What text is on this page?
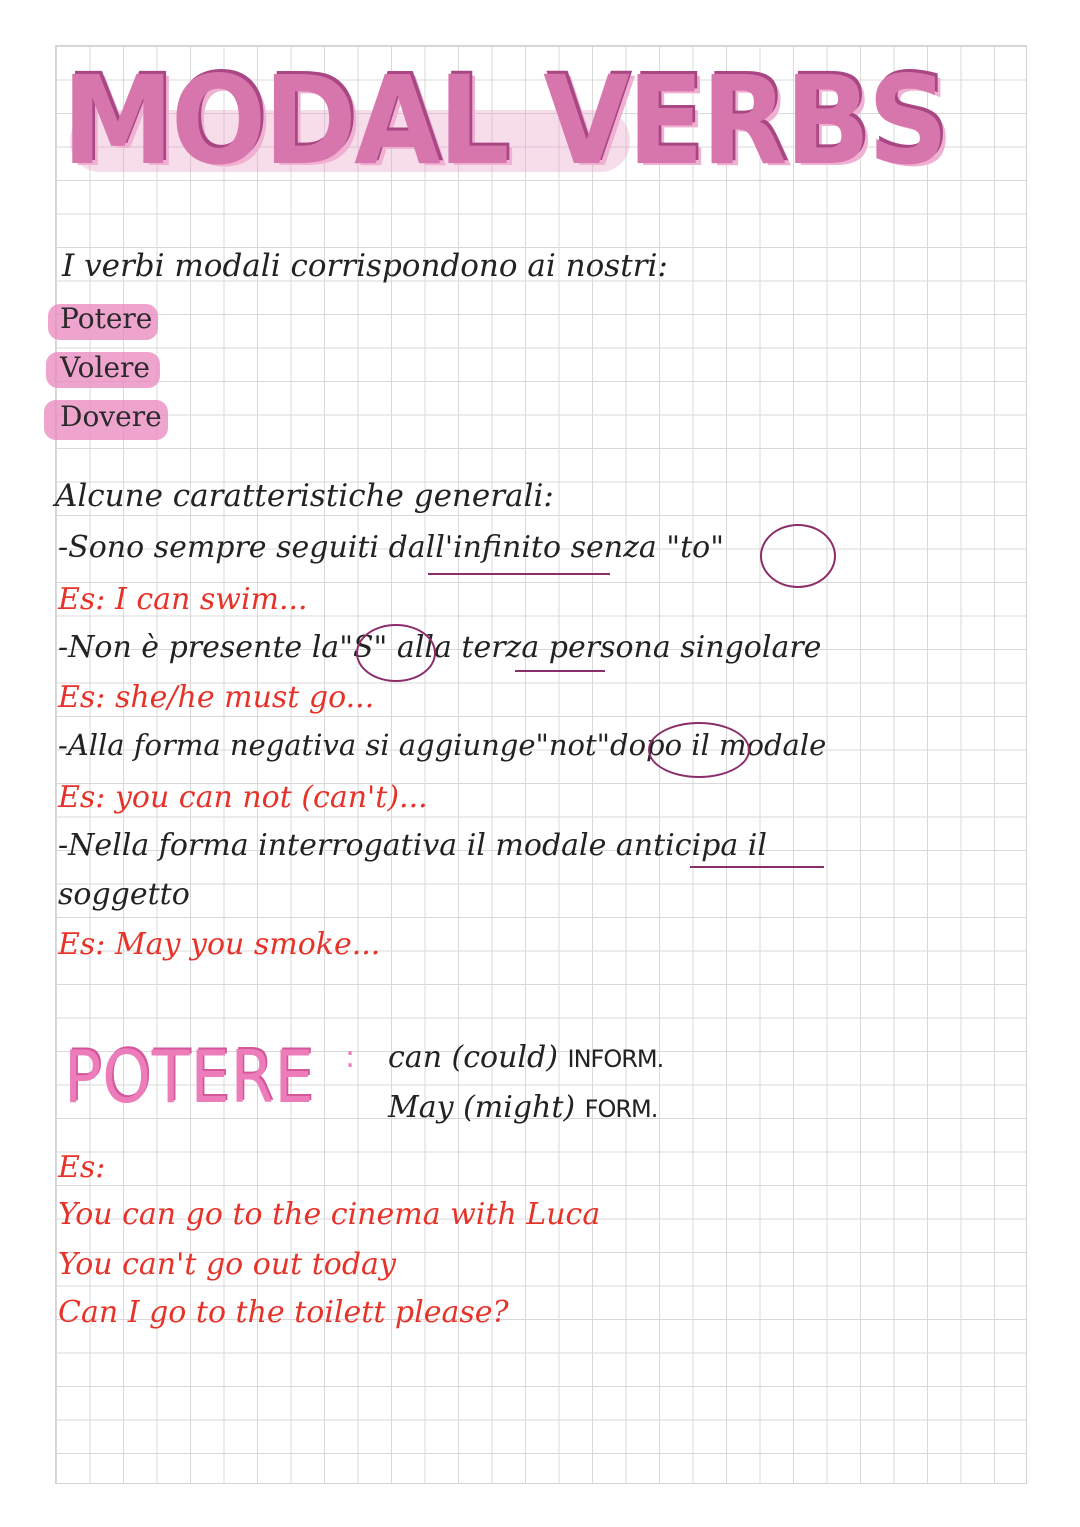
MODAL VERBS
I verbi modali corrispondono ai nostri:
Potere
Volere
Dovere
Alcune caratteristiche generali:
-Sono sempre seguiti dall'infinito senza "to"
Es: I can swim...
-Non è presente la"S" alla terza persona singolare
Es: she/he must go...
-Alla forma negativa si aggiunge"not"dopo il modale
Es: you can not (can't)...
-Nella forma interrogativa il modale anticipa il
soggetto
Es: May you smoke...
POTERE : can (could) INFORM.
May (might) FORM.
Es:
You can go to the cinema with Luca
You can't go out today
Can I go to the toilett please?
